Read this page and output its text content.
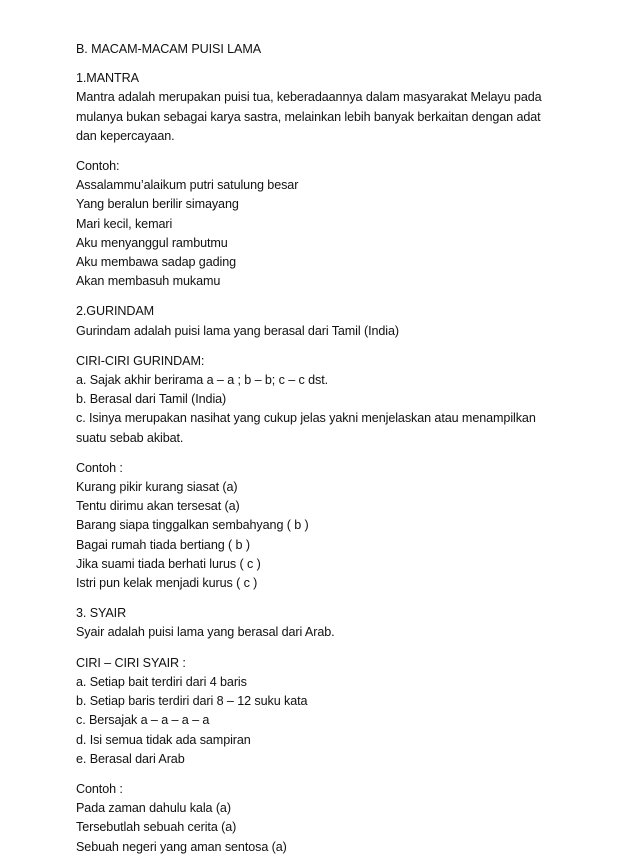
B. MACAM-MACAM PUISI LAMA
1.MANTRA
Mantra adalah merupakan puisi tua, keberadaannya dalam masyarakat Melayu pada
mulanya bukan sebagai karya sastra, melainkan lebih banyak berkaitan dengan adat
dan kepercayaan.
Contoh:
Assalammu’alaikum putri satulung besar
Yang beralun berilir simayang
Mari kecil, kemari
Aku menyanggul rambutmu
Aku membawa sadap gading
Akan membasuh mukamu
2.GURINDAM
Gurindam adalah puisi lama yang berasal dari Tamil (India)
CIRI-CIRI GURINDAM:
a. Sajak akhir berirama a – a ; b – b; c – c dst.
b. Berasal dari Tamil (India)
c. Isinya merupakan nasihat yang cukup jelas yakni menjelaskan atau menampilkan
suatu sebab akibat.
Contoh :
Kurang pikir kurang siasat (a)
Tentu dirimu akan tersesat (a)
Barang siapa tinggalkan sembahyang ( b )
Bagai rumah tiada bertiang ( b )
Jika suami tiada berhati lurus ( c )
Istri pun kelak menjadi kurus ( c )
3. SYAIR
Syair adalah puisi lama yang berasal dari Arab.
CIRI – CIRI SYAIR :
a. Setiap bait terdiri dari 4 baris
b. Setiap baris terdiri dari 8 – 12 suku kata
c. Bersajak a – a – a – a
d. Isi semua tidak ada sampiran
e. Berasal dari Arab
Contoh :
Pada zaman dahulu kala (a)
Tersebutlah sebuah cerita (a)
Sebuah negeri yang aman sentosa (a)
